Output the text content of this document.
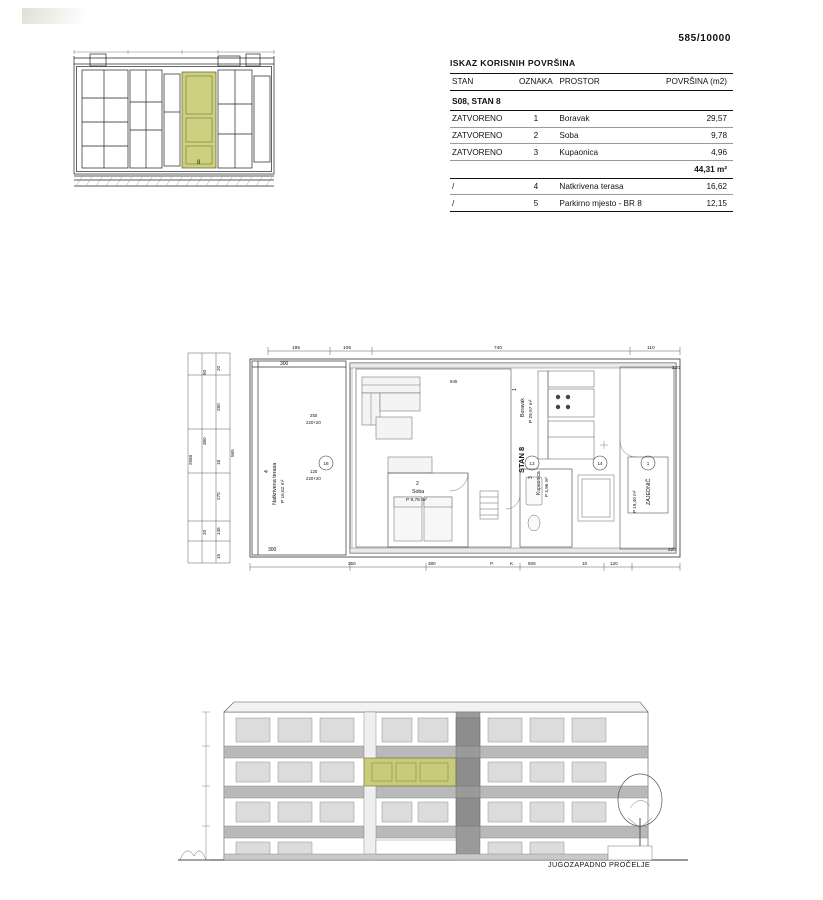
585/10000
8
ISKAZ KORISNIH POVRŠINA
STAN	OZNAKA	PROSTOR	POVRŠINA (m2)
S08, STAN 8			
ZATVORENO	1	Boravak	29,57
ZATVORENO	2	Soba	9,78
ZATVORENO	3	Kupaonica	4,96
44,31 m²			
/	4	Natkrivena terasa	16,62
/	5	Parkirno mjesto - BR 8	12,15
20
50
280
380
2560	18
565
270
145
20
15
195	105	740	110
300
300
Natkrivena terasa P 16,62 m²
4
2
Soba
P 9,78 m²
Boravak P 29,57 m²
1
STAN 8
Kupaonica P 4,96 m²
3
ZAJEDNIČ
P 19,40 m²
220
220
18	13	14	1
250
220+20
120
220+20
845
350	380	P.	K	925	10	120
JUGOZAPADNO PROČELJE
